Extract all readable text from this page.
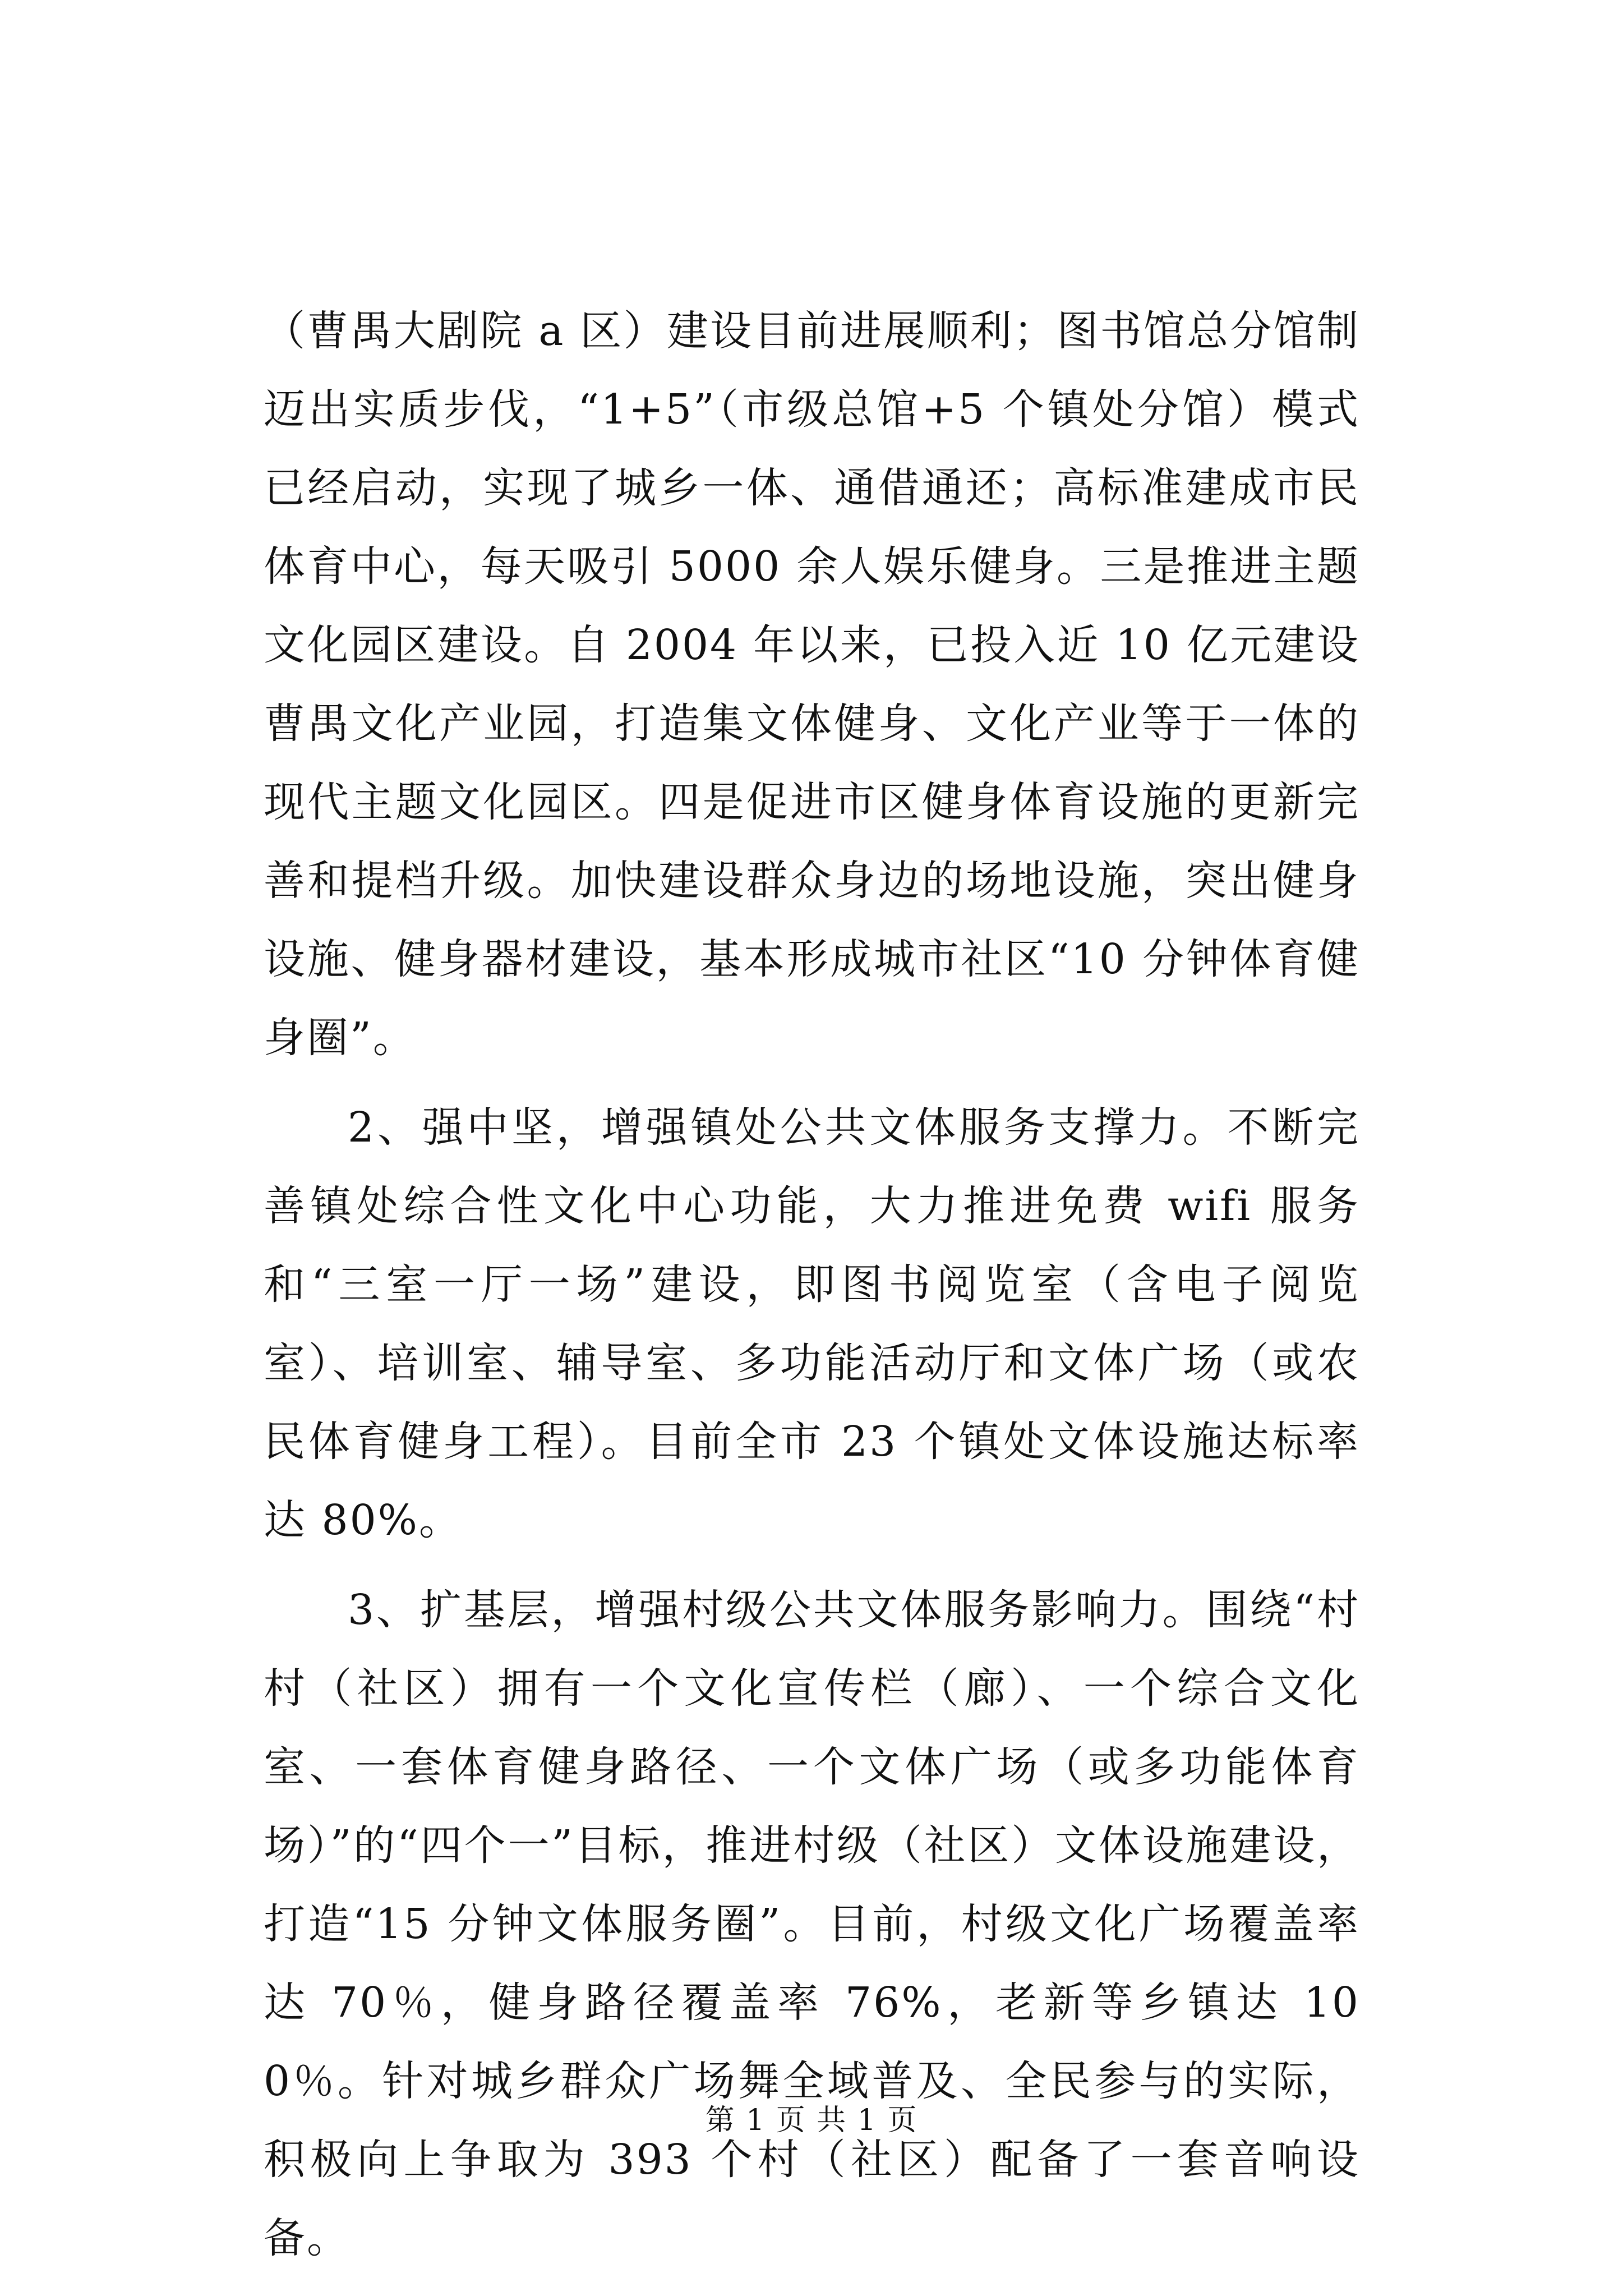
（曹禺大剧院 a 区）建设目前进展顺利；图书馆总分馆制迈出实质步伐，“1+5”（市级总馆+5 个镇处分馆）模式已经启动，实现了城乡一体、通借通还；高标准建成市民体育中心，每天吸引 5000 余人娱乐健身。三是推进主题文化园区建设。自 2004 年以来，已投入近 10 亿元建设曹禺文化产业园，打造集文体健身、文化产业等于一体的现代主题文化园区。四是促进市区健身体育设施的更新完善和提档升级。加快建设群众身边的场地设施，突出健身设施、健身器材建设，基本形成城市社区“10 分钟体育健身圈”。

2、强中坚，增强镇处公共文体服务支撑力。不断完善镇处综合性文化中心功能，大力推进免费 wifi 服务和“三室一厅一场”建设，即图书阅览室（含电子阅览室）、培训室、辅导室、多功能活动厅和文体广场（或农民体育健身工程）。目前全市 23 个镇处文体设施达标率达 80%。

3、扩基层，增强村级公共文体服务影响力。围绕“村村（社区）拥有一个文化宣传栏（廊）、一个综合文化室、一套体育健身路径、一个文体广场（或多功能体育场）”的“四个一”目标，推进村级（社区）文体设施建设，打造“15 分钟文体服务圈”。目前，村级文化广场覆盖率达 70％，健身路径覆盖率 76%，老新等乡镇达 100％。针对城乡群众广场舞全域普及、全民参与的实际，积极向上争取为 393 个村（社区）配备了一套音响设备。

第 1 页 共 1 页
